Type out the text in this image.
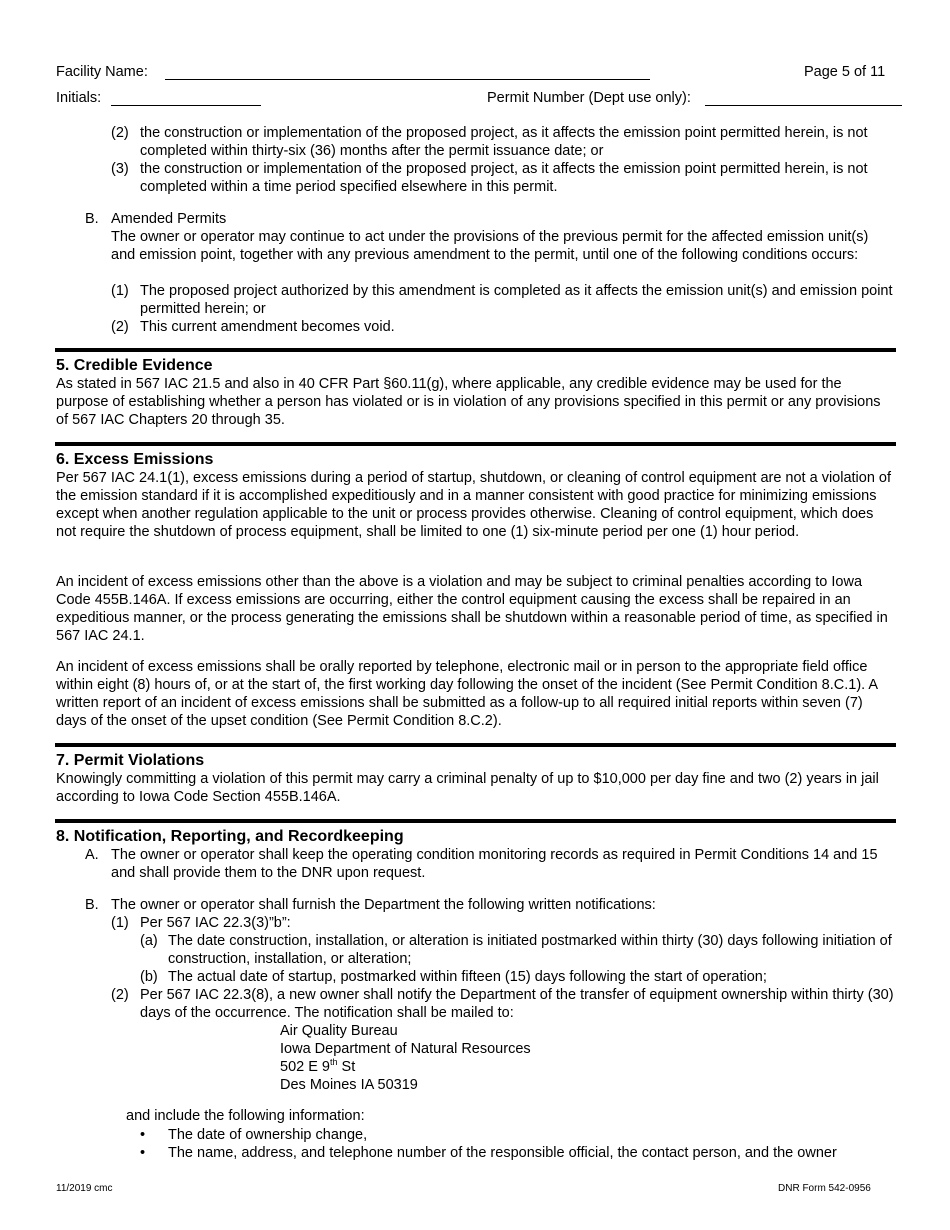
Facility Name:	Page 5 of 11
Initials:	Permit Number (Dept use only):
(2) the construction or implementation of the proposed project, as it affects the emission point permitted herein, is not completed within thirty-six (36) months after the permit issuance date; or
(3) the construction or implementation of the proposed project, as it affects the emission point permitted herein, is not completed within a time period specified elsewhere in this permit.
B. Amended Permits
The owner or operator may continue to act under the provisions of the previous permit for the affected emission unit(s) and emission point, together with any previous amendment to the permit, until one of the following conditions occurs:
(1) The proposed project authorized by this amendment is completed as it affects the emission unit(s) and emission point permitted herein; or
(2) This current amendment becomes void.
5. Credible Evidence
As stated in 567 IAC 21.5 and also in 40 CFR Part §60.11(g), where applicable, any credible evidence may be used for the purpose of establishing whether a person has violated or is in violation of any provisions specified in this permit or any provisions of 567 IAC Chapters 20 through 35.
6. Excess Emissions
Per 567 IAC 24.1(1), excess emissions during a period of startup, shutdown, or cleaning of control equipment are not a violation of the emission standard if it is accomplished expeditiously and in a manner consistent with good practice for minimizing emissions except when another regulation applicable to the unit or process provides otherwise. Cleaning of control equipment, which does not require the shutdown of process equipment, shall be limited to one (1) six-minute period per one (1) hour period.
An incident of excess emissions other than the above is a violation and may be subject to criminal penalties according to Iowa Code 455B.146A. If excess emissions are occurring, either the control equipment causing the excess shall be repaired in an expeditious manner, or the process generating the emissions shall be shutdown within a reasonable period of time, as specified in 567 IAC 24.1.
An incident of excess emissions shall be orally reported by telephone, electronic mail or in person to the appropriate field office within eight (8) hours of, or at the start of, the first working day following the onset of the incident (See Permit Condition 8.C.1). A written report of an incident of excess emissions shall be submitted as a follow-up to all required initial reports within seven (7) days of the onset of the upset condition (See Permit Condition 8.C.2).
7. Permit Violations
Knowingly committing a violation of this permit may carry a criminal penalty of up to $10,000 per day fine and two (2) years in jail according to Iowa Code Section 455B.146A.
8. Notification, Reporting, and Recordkeeping
A. The owner or operator shall keep the operating condition monitoring records as required in Permit Conditions 14 and 15 and shall provide them to the DNR upon request.
B. The owner or operator shall furnish the Department the following written notifications:
(1) Per 567 IAC 22.3(3)”b”:
(a) The date construction, installation, or alteration is initiated postmarked within thirty (30) days following initiation of construction, installation, or alteration;
(b) The actual date of startup, postmarked within fifteen (15) days following the start of operation;
(2) Per 567 IAC 22.3(8), a new owner shall notify the Department of the transfer of equipment ownership within thirty (30) days of the occurrence. The notification shall be mailed to:
Air Quality Bureau
Iowa Department of Natural Resources
502 E 9th St
Des Moines IA 50319
and include the following information:
•	The date of ownership change,
•	The name, address, and telephone number of the responsible official, the contact person, and the owner
11/2019 cmc	DNR Form 542-0956
